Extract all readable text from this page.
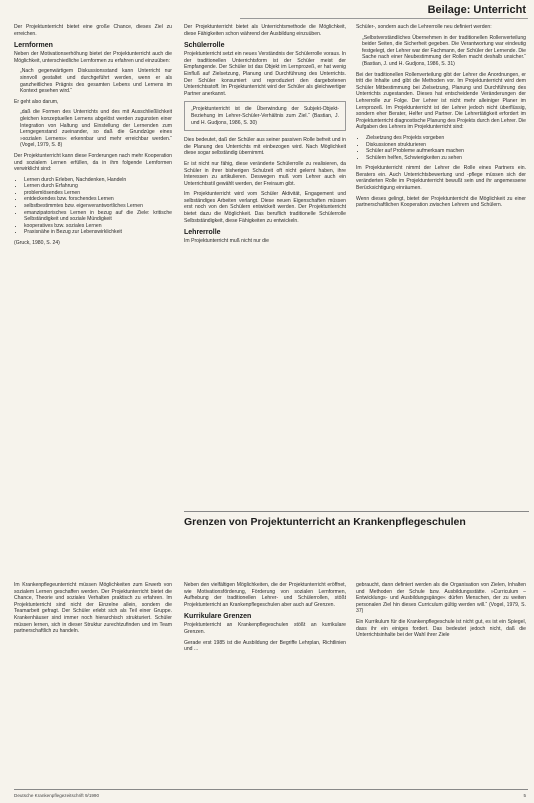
Beilage: Unterricht

Der Projektunterricht bietet eine große Chance, dieses Ziel zu erreichen.

Lernformen

Neben der Motivationserhöhung bietet der Projektunterricht auch die Möglichkeit, unterschiedliche Lernformen zu erfahren und einzuüben:

„Nach gegenwärtigem Diskussionsstand kann Unterricht nur sinnvoll gestaltet und durchgeführt werden, wenn er als ganzheitliches Prägnis des gesamten Lebens und Lernens im Kontext gesehen wird.“

Er geht also darum,

„daß die Formen des Unterrichts und des mit Ausschließlichkeit gleichen konzeptuellen Lernens abgelöst werden zugunsten einer Integration von Haltung und Einstellung der Lernenden zum Lerngegenstand zueinander, so daß die Grundzüge eines »sozialen Lernens« erkennbar und mehr erreichbar werden.“ (Vogel, 1979, S. 8)

Der Projektunterricht kann diese Forderungen nach mehr Kooperation und sozialem Lernen erfüllen, da in ihm folgende Lernformen verwirklicht sind:

• Lernen durch Erleben, Nachdenken, Handeln
• Lernen durch Erfahrung
• problemlösendes Lernen
• entdeckendes bzw. forschendes Lernen
• selbstbestimmtes bzw. eigenverantwortliches Lernen
• emanzipatorisches Lernen in bezug auf die Ziele: kritische Selbständigkeit und soziale Mündigkeit
• kooperatives bzw. soziales Lernen
• Praxisnähe in Bezug zur Lebenswirklichkeit

(Gruck, 1980, S. 24)

Im Krankenpflegeunterricht müssen Möglichkeiten zum Erwerb von sozialem Lernen geschaffen werden. Der Projektunterricht bietet die Chance, Theorie und soziales Verhalten praktisch zu erfahren. Im Projektunterricht sind nicht der Einzelne allein, sondern die Teamarbeit gefragt. Der Schüler erlebt sich als Teil einer Gruppe. Krankenhäuser sind immer noch hierarchisch strukturiert. Schüler müssen lernen, sich in dieser Struktur zurechtzufinden und im Team partnerschaftlich zu handeln.

Der Projektunterricht bietet als Unterrichtsmethode die Möglichkeit, diese Fähigkeiten schon während der Ausbildung einzuüben.

Schülerrolle

Projektunterricht setzt ein neues Verständnis der Schülerrolle voraus. In der traditionellen Unterrichtsform ist der Schüler meist der Empfangende. Der Schüler ist das Objekt im Lernprozeß, er hat wenig Einfluß auf Zielsetzung, Planung und Durchführung des Unterrichts. Der Schüler konsumiert und reproduziert den dargebotenen Unterrichtsstoff. Im Projektunterricht wird der Schüler als gleichwertiger Partner anerkannt.

„Projektunterricht ist die Überwindung der Subjekt-Objekt-Beziehung im Lehrer-Schüler-Verhältnis zum Ziel.“ (Bastian, J. und H. Gudjons, 1986, S. 30)

Dies bedeutet, daß der Schüler aus seiner passiven Rolle befreit und in die Planung des Unterrichts mit einbezogen wird. Nach Möglichkeit diese sogar selbständig übernimmt.

Er ist nicht nur fähig, diese veränderte Schülerrolle zu realisieren, da Schüler in ihrer bisherigen Schulzeit oft nicht gelernt haben, ihre Interessen zu artikulieren. Deswegen muß vom Lehrer auch ein Unterrichtsstil gewählt werden, der Freiraum gibt.

Im Projektunterricht wird vom Schüler Aktivität, Engagement und selbständiges Arbeiten verlangt. Diese neuen Eigenschaften müssen erst noch von den Schülern entwickelt werden. Der Projektunterricht bietet dazu die Möglichkeit. Das beruflich traditionelle Schülerrolle Selbstständigkeit, diese Fähigkeiten zu entwickeln.

Lehrerrolle

Im Projektunterricht muß nicht nur die

Schüler-, sondern auch die Lehrerrolle neu definiert werden:

„Selbstverständliches Übernehmen in der traditionellen Rollenverteilung beider Seiten, die Sicherheit gegeben. Die Verantwortung war eindeutig festgelegt, der Lehrer war der Fachmann, der Schüler der Lernende. Die Sache nach einer Neubestimmung der Rollen macht deshalb unsicher.“ (Bastian, J. und H. Gudjons, 1986, S. 31)

Bei der traditionellen Rollenverteilung gibt der Lehrer die Anordnungen, er tritt die Inhalte und gibt die Methoden vor. Im Projektunterricht wird dem Schüler Mitbestimmung bei Zielsetzung, Planung und Durchführung des Unterrichts zugestanden. Dieses hat entscheidende Veränderungen der Lehrerrolle zur Folge. Der Lehrer ist nicht mehr alleiniger Planer im Lernprozeß. Im Projektunterricht ist der Lehrer jedoch nicht überflüssig, sondern eher Berater, Helfer und Partner. Die Lehrertätigkeit erfordert im Projektunterricht diagnostische Planung des Projekts durch den Lehrer. Die Aufgaben des Lehrers im Projektunterricht sind:

• Zielsetzung des Projekts vorgeben
• Diskussionen strukturieren
• Schüler auf Probleme aufmerksam machen
• Schülern helfen, Schwierigkeiten zu sehen

Im Projektunterricht nimmt der Lehrer die Rolle eines Partners ein. Beraters ein. Auch Unterrichtsbewertung und -pflege müssen sich der veränderten Rolle im Projektunterricht bewußt sein und ihr angemessene Berücksichtigung einräumen.

Wenn dieses gelingt, bietet der Projektunterricht die Möglichkeit zu einer partnerschaftlichen Kooperation zwischen Lehrern und Schülern.

Grenzen von Projektunterricht an Krankenpflegeschulen

Neben den vielfältigen Möglichkeiten, die der Projektunterricht eröffnet, wie Motivationsförderung, Förderung von sozialen Lernformen, Aufhebung der traditionellen Lehrer- und Schülerrollen, stößt Projektunterricht an Krankenpflegeschulen aber auch auf Grenzen.

Kurrikulare Grenzen

Projektunterricht an Krankenpflegeschulen stößt an kurrikulare Grenzen.

Gerade erst 1985 ist die Ausbildung der Begriffe Lehrplan, Richtlinien und ...

gebraucht, dann definiert werden als die Organisation von Zielen, Inhalten und Methoden der Schule bzw. Ausbildungsstätte. »Curriculum – Entwicklungs- und Ausbildungsgänge« dürfen Menschen, der zu weiten personalen Ziel hin dieses Curriculum gültig werden will.“ (Vogel, 1979, S. 37)

Ein Kurrikulum für die Krankenpflegeschule ist nicht gut, es ist ein Spiegel, dass ihr ein einiges fordert. Das bedeutet jedoch nicht, daß die Unterrichtsinhalte bei der Wahl ihrer Ziele

Deutsche Krankenpflegezeitschrift 9/1990	5
